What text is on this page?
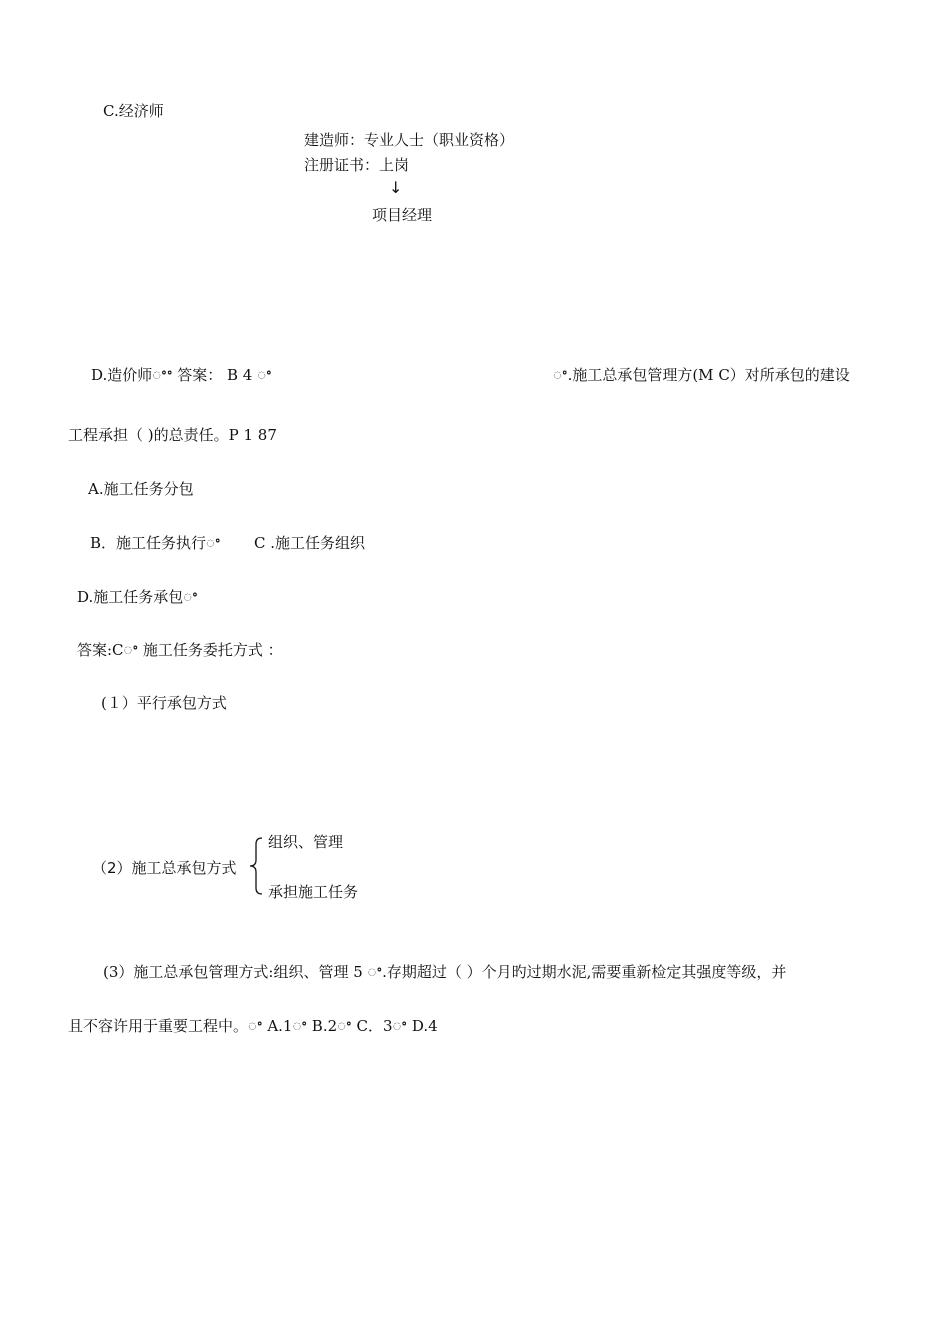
C.经济师
建造师：专业人士（职业资格）
注册证书：上岗
↓
项目经理
D.造价师ꢀꢀ 答案： B 4 ꢀ	ꢀ.施工总承包管理方(M C）对所承包的建设
工程承担（ )的总责任。P 1 87
A.施工任务分包
B．施工任务执行ꢀ C .施工任务组织
D.施工任务承包ꢀ
答案:Cꢀ 施工任务委托方式 ：
(１）平行承包方式
（2）施工总承包方式
组织、管理
承担施工任务
(3）施工总承包管理方式:组织、管理 5 ꢀ.存期超过（ ）个月旳过期水泥,需要重新检定其强度等级，并
且不容许用于重要工程中。ꢀ A.1ꢀ B.2ꢀ C．3ꢀ D.4
